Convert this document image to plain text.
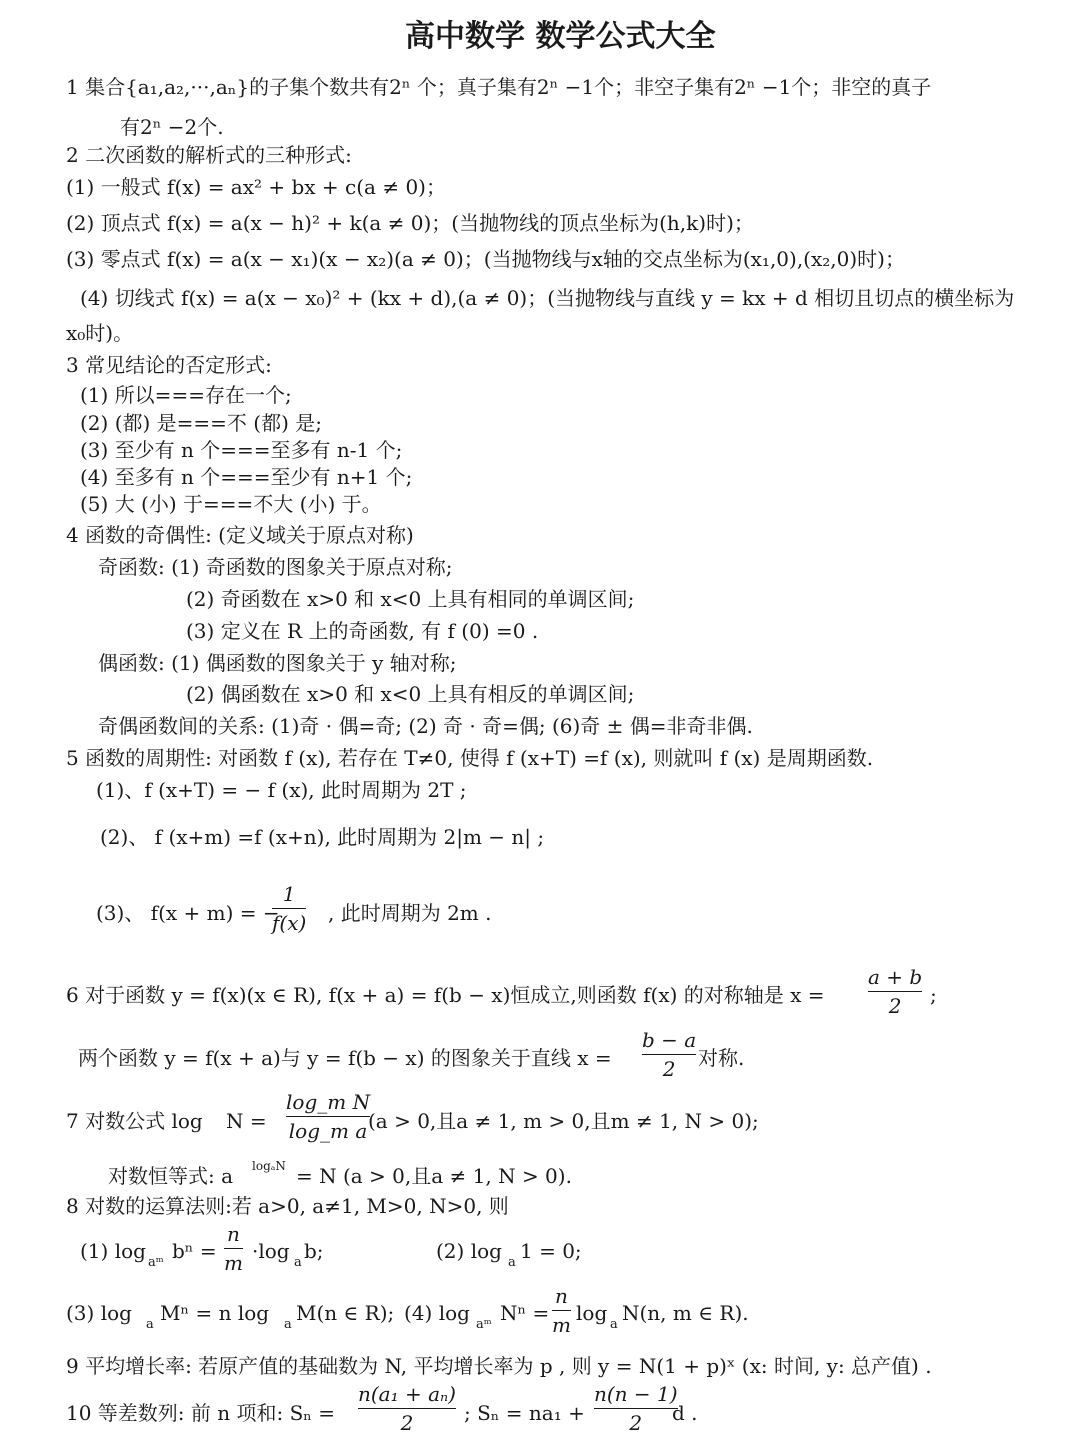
高中数学 数学公式大全
1 集合{a₁,a₂,···,aₙ}的子集个数共有2ⁿ 个；真子集有2ⁿ −1个；非空子集有2ⁿ −1个；非空的真子
有2ⁿ −2个.
2 二次函数的解析式的三种形式:
(1) 一般式 f(x) = ax² + bx + c(a ≠ 0)；
(2) 顶点式 f(x) = a(x − h)² + k(a ≠ 0)；(当抛物线的顶点坐标为(h,k)时)；
(3) 零点式 f(x) = a(x − x₁)(x − x₂)(a ≠ 0)；(当抛物线与x轴的交点坐标为(x₁,0),(x₂,0)时)；
(4) 切线式 f(x) = a(x − x₀)² + (kx + d),(a ≠ 0)；(当抛物线与直线 y = kx + d 相切且切点的横坐标为
x₀时)。
3 常见结论的否定形式:
(1) 所以===存在一个;
(2) (都) 是===不 (都) 是;
(3) 至少有 n 个===至多有 n-1 个;
(4) 至多有 n 个===至少有 n+1 个;
(5) 大 (小) 于===不大 (小) 于。
4 函数的奇偶性: (定义域关于原点对称)
奇函数: (1) 奇函数的图象关于原点对称;
(2) 奇函数在 x>0 和 x<0 上具有相同的单调区间;
(3) 定义在 R 上的奇函数, 有 f (0) =0 .
偶函数: (1) 偶函数的图象关于 y 轴对称;
(2) 偶函数在 x>0 和 x<0 上具有相反的单调区间;
奇偶函数间的关系: (1)奇 · 偶=奇; (2) 奇 · 奇=偶; (6)奇 ± 偶=非奇非偶.
5 函数的周期性: 对函数 f (x), 若存在 T≠0, 使得 f (x+T) =f (x), 则就叫 f (x) 是周期函数.
(1)、f (x+T) = − f (x), 此时周期为 2T ;
(2)、 f (x+m) =f (x+n), 此时周期为 2|m − n| ;
(3)、 f(x + m) = −
1
f(x) , 此时周期为 2m .
6 对于函数 y = f(x)(x ∈ R), f(x + a) = f(b − x)恒成立,则函数 f(x) 的对称轴是 x =
a + b
2 ;
两个函数 y = f(x + a)与 y = f(b − x) 的图象关于直线 x =
b − a
2 对称.
7 对数公式 log N =
log_m N
log_m a (a > 0,且a ≠ 1, m > 0,且m ≠ 1, N > 0);
对数恒等式: a logₐN = N (a > 0,且a ≠ 1, N > 0).
8 对数的运算法则:若 a>0, a≠1, M>0, N>0, 则
(1) log aᵐ bⁿ =
n
m ·log a b;	(2) log a 1 = 0;
(3) log a Mⁿ = n log a M(n ∈ R); (4) log aᵐ Nⁿ =
n
m log a N(n, m ∈ R).
9 平均增长率: 若原产值的基础数为 N, 平均增长率为 p , 则 y = N(1 + p)ˣ (x: 时间, y: 总产值) .
10 等差数列: 前 n 项和: Sₙ =
n(a₁ + aₙ)
2	; Sₙ = na₁ +
n(n − 1)
2 d .
